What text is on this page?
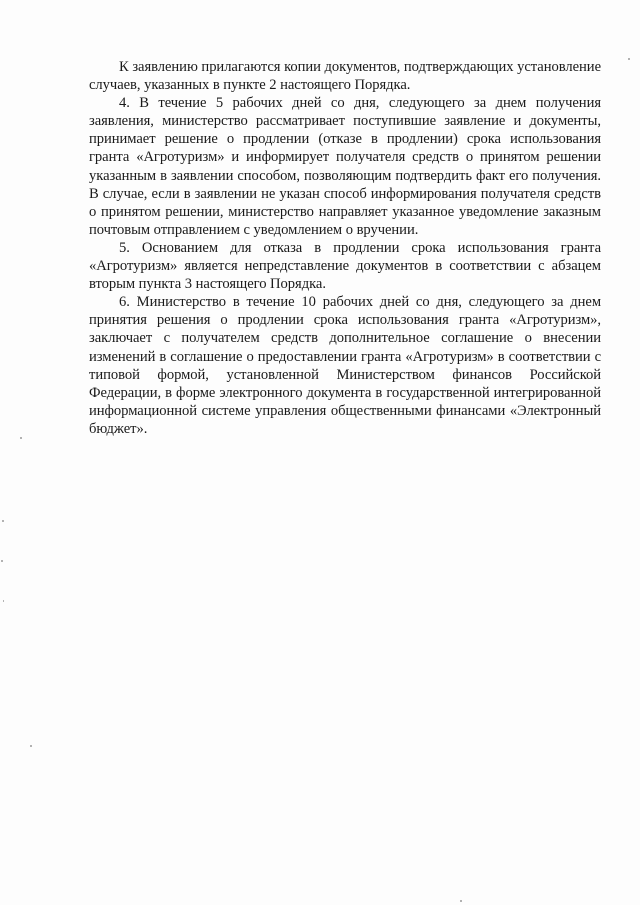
К заявлению прилагаются копии документов, подтверждающих установление случаев, указанных в пункте 2 настоящего Порядка.

4. В течение 5 рабочих дней со дня, следующего за днем получения заявления, министерство рассматривает поступившие заявление и документы, принимает решение о продлении (отказе в продлении) срока использования гранта «Агротуризм» и информирует получателя средств о принятом решении указанным в заявлении способом, позволяющим подтвердить факт его получения. В случае, если в заявлении не указан способ информирования получателя средств о принятом решении, министерство направляет указанное уведомление заказным почтовым отправлением с уведомлением о вручении.

5. Основанием для отказа в продлении срока использования гранта «Агротуризм» является непредставление документов в соответствии с абзацем вторым пункта 3 настоящего Порядка.

6. Министерство в течение 10 рабочих дней со дня, следующего за днем принятия решения о продлении срока использования гранта «Агротуризм», заключает с получателем средств дополнительное соглашение о внесении изменений в соглашение о предоставлении гранта «Агротуризм» в соответствии с типовой формой, установленной Министерством финансов Российской Федерации, в форме электронного документа в государственной интегрированной информационной системе управления общественными финансами «Электронный бюджет».
